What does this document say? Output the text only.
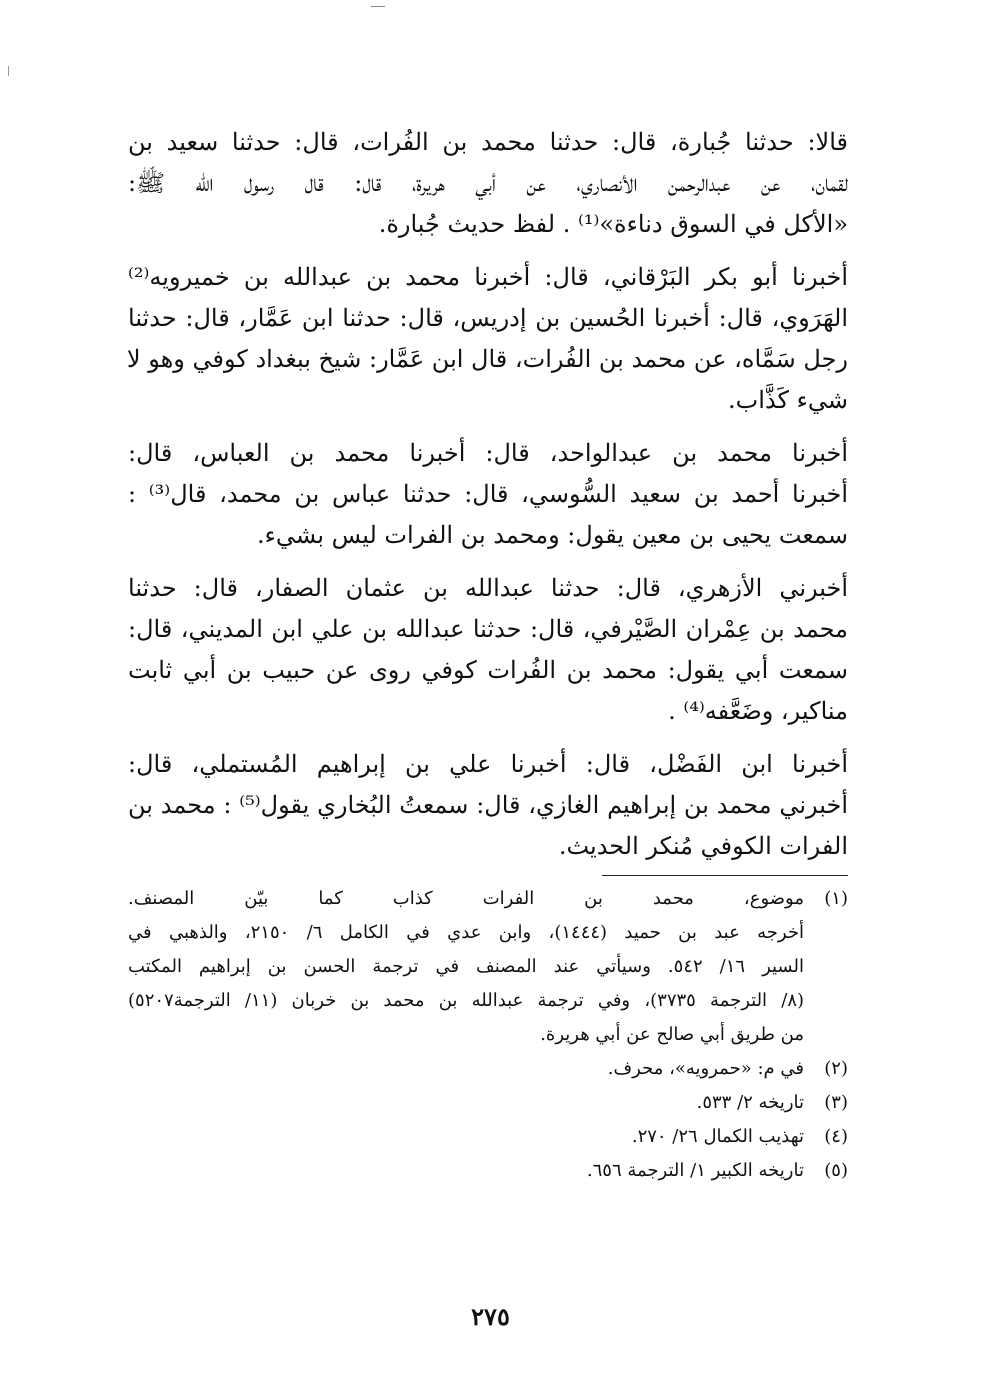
قالا: حدثنا جُبارة، قال: حدثنا محمد بن الفُرات، قال: حدثنا سعيد بن
لقمان، عن عبدالرحمن الأنصاري، عن أبي هريرة، قال: قال رسول الله ﷺ:
«الأكل في السوق دناءة»⁽¹⁾ . لفظ حديث جُبارة.
أخبرنا أبو بكر البَرْقاني، قال: أخبرنا محمد بن عبدالله بن خميرويه⁽²⁾
الهَرَوي، قال: أخبرنا الحُسين بن إدريس، قال: حدثنا ابن عَمَّار، قال: حدثنا
رجل سَمَّاه، عن محمد بن الفُرات، قال ابن عَمَّار: شيخ ببغداد كوفي وهو لا
شيء كَذَّاب.
أخبرنا محمد بن عبدالواحد، قال: أخبرنا محمد بن العباس، قال:
أخبرنا أحمد بن سعيد السُّوسي، قال: حدثنا عباس بن محمد، قال⁽³⁾ :
سمعت يحيى بن معين يقول: ومحمد بن الفرات ليس بشيء.
أخبرني الأزهري، قال: حدثنا عبدالله بن عثمان الصفار، قال: حدثنا
محمد بن عِمْران الصَّيْرفي، قال: حدثنا عبدالله بن علي ابن المديني، قال:
سمعت أبي يقول: محمد بن الفُرات كوفي روى عن حبيب بن أبي ثابت
مناكير، وضَعَّفه⁽⁴⁾ .
أخبرنا ابن الفَضْل، قال: أخبرنا علي بن إبراهيم المُستملي، قال:
أخبرني محمد بن إبراهيم الغازي، قال: سمعتُ البُخاري يقول⁽⁵⁾ : محمد بن
الفرات الكوفي مُنكر الحديث.
(١)
موضوع، محمد بن الفرات كذاب كما بيّن المصنف.
أخرجه عبد بن حميد (١٤٤٤)، وابن عدي في الكامل ٦/ ٢١٥٠، والذهبي في
السير ١٦/ ٥٤٢. وسيأتي عند المصنف في ترجمة الحسن بن إبراهيم المكتب
(٨/ الترجمة ٣٧٣٥)، وفي ترجمة عبدالله بن محمد بن خربان (١١/ الترجمة٥٢٠٧)
من طريق أبي صالح عن أبي هريرة.
(٢)
في م: «حمرويه»، محرف.
(٣)
تاريخه ٢/ ٥٣٣.
(٤)
تهذيب الكمال ٢٦/ ٢٧٠.
(٥)
تاريخه الكبير ١/ الترجمة ٦٥٦.
٢٧٥
